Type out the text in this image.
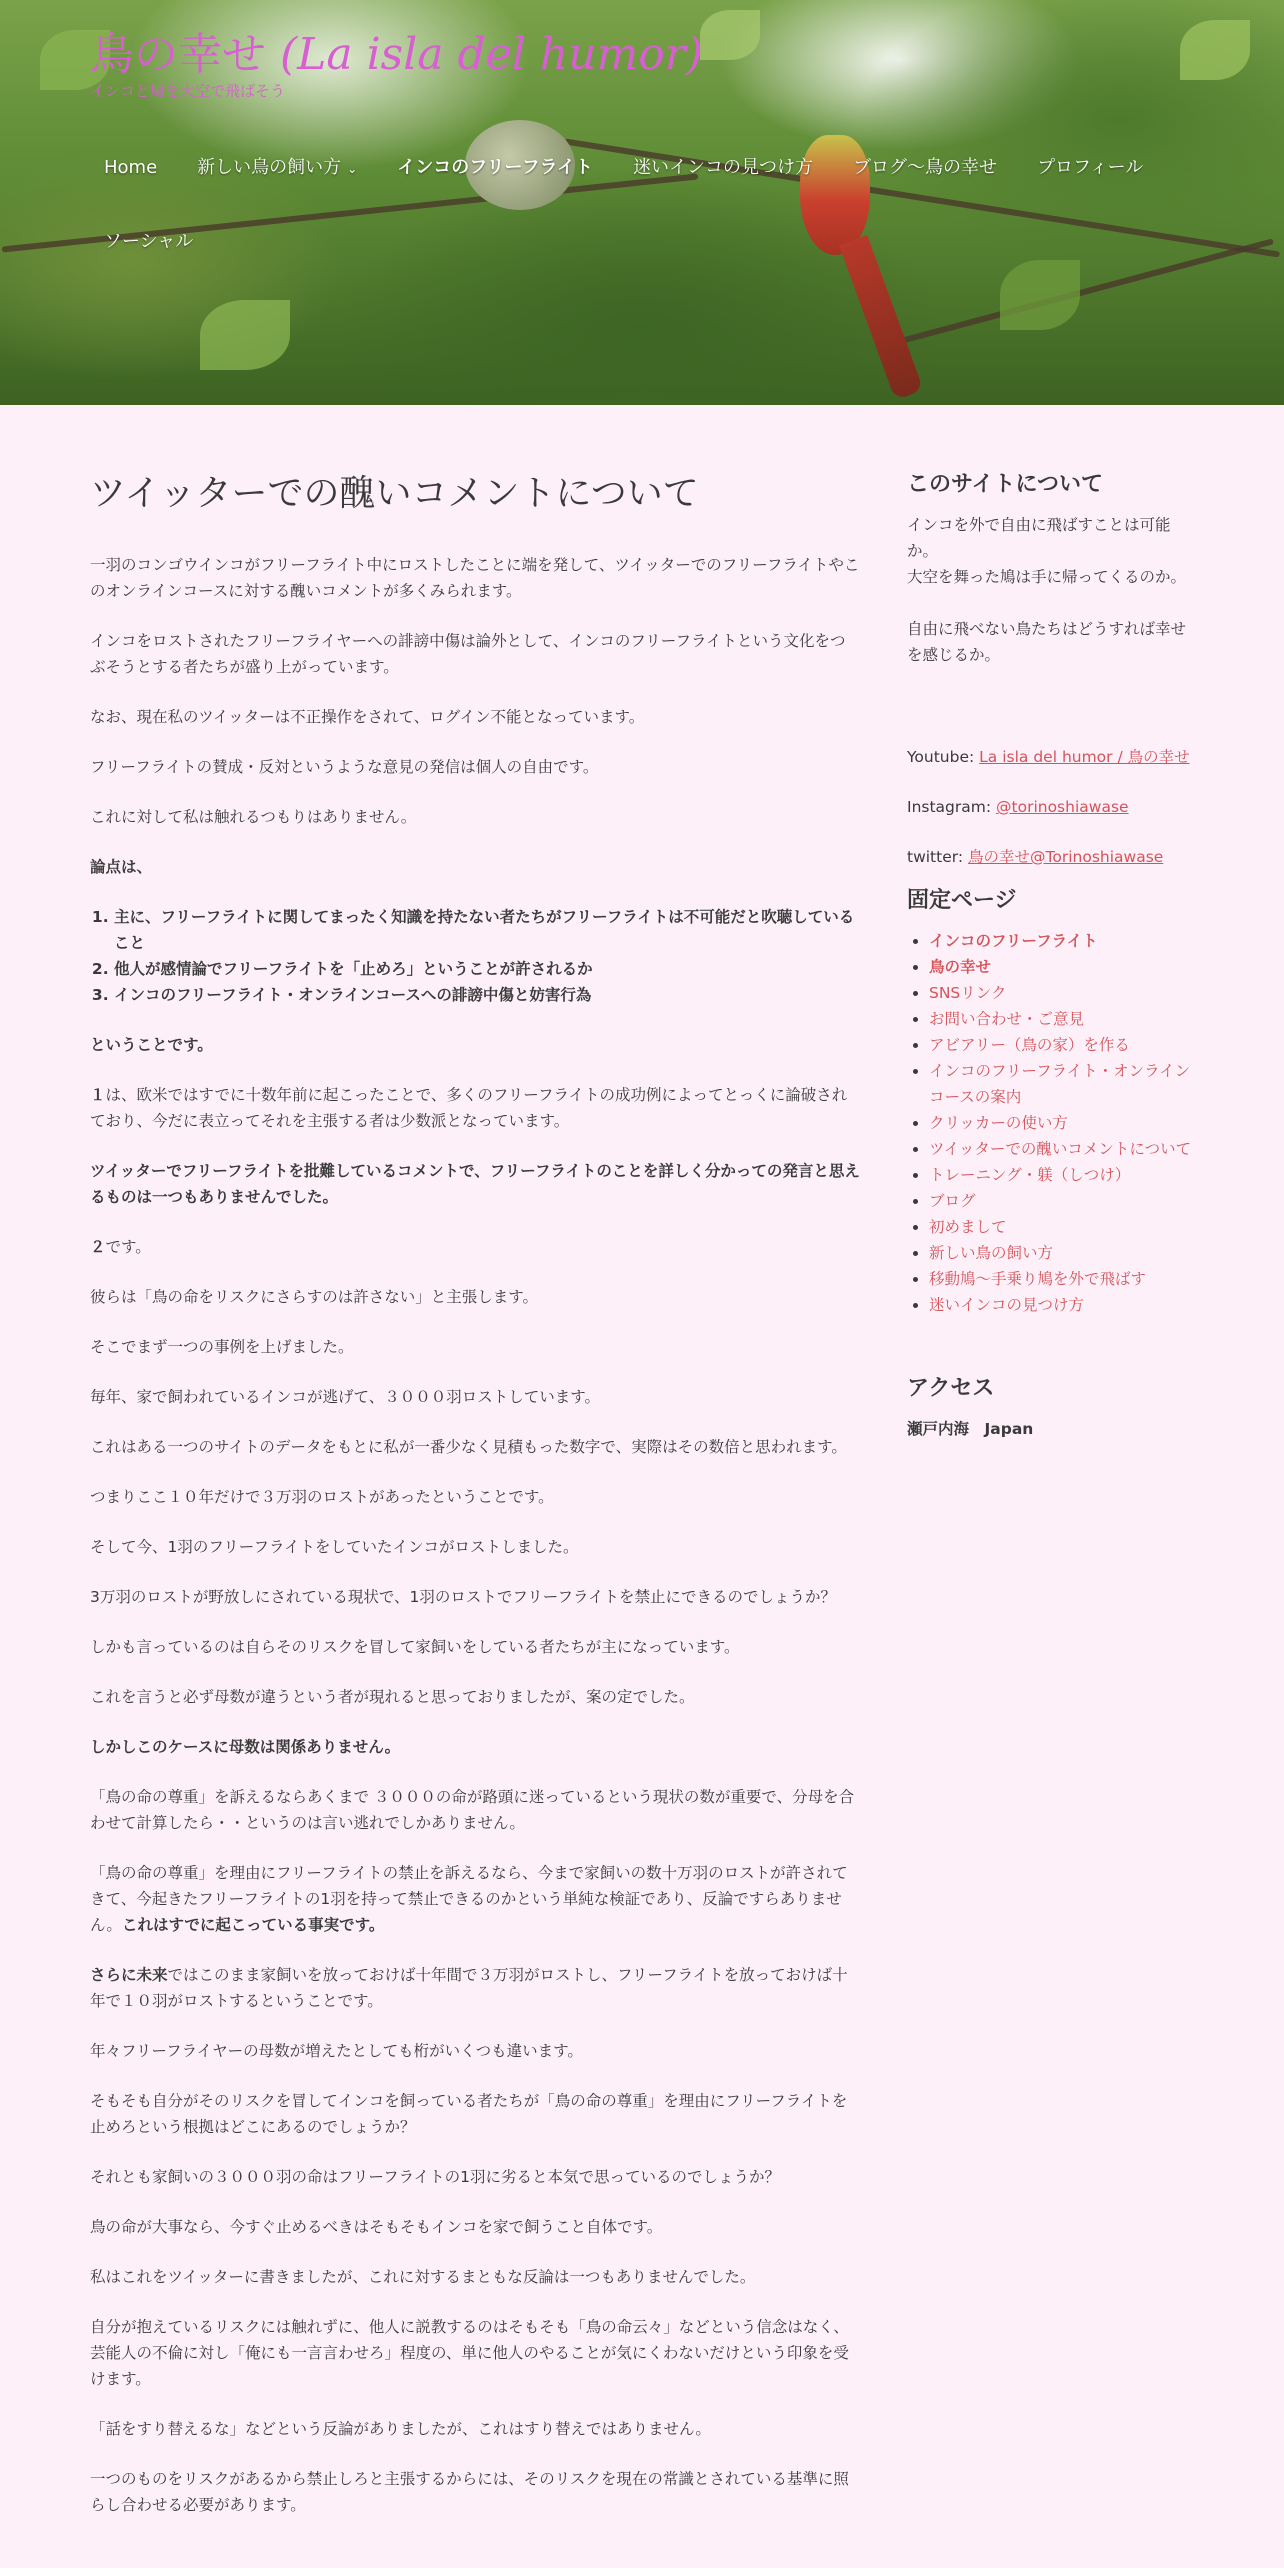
鳥の幸せ (La isla del humor)
インコと鳩を大空で飛ばそう
Home 新しい鳥の飼い方 ⌄ インコのフリーフライト 迷いインコの見つけ方 ブログ～鳥の幸せ プロフィール
ソーシャル
ツイッターでの醜いコメントについて

一羽のコンゴウインコがフリーフライト中にロストしたことに端を発して、ツイッターでのフリーフライトやこのオンラインコースに対する醜いコメントが多くみられます。

インコをロストされたフリーフライヤーへの誹謗中傷は論外として、インコのフリーフライトという文化をつぶそうとする者たちが盛り上がっています。

なお、現在私のツイッターは不正操作をされて、ログイン不能となっています。

フリーフライトの賛成・反対というような意見の発信は個人の自由です。

これに対して私は触れるつもりはありません。

論点は、

1. 主に、フリーフライトに関してまったく知識を持たない者たちがフリーフライトは不可能だと吹聴していること
2. 他人が感情論でフリーフライトを「止めろ」ということが許されるか
3. インコのフリーフライト・オンラインコースへの誹謗中傷と妨害行為

ということです。

１は、欧米ではすでに十数年前に起こったことで、多くのフリーフライトの成功例によってとっくに論破されており、今だに表立ってそれを主張する者は少数派となっています。

ツイッターでフリーフライトを批難しているコメントで、フリーフライトのことを詳しく分かっての発言と思えるものは一つもありませんでした。

２です。

彼らは「鳥の命をリスクにさらすのは許さない」と主張します。

そこでまず一つの事例を上げました。

毎年、家で飼われているインコが逃げて、３０００羽ロストしています。

これはある一つのサイトのデータをもとに私が一番少なく見積もった数字で、実際はその数倍と思われます。

つまりここ１０年だけで３万羽のロストがあったということです。

そして今、1羽のフリーフライトをしていたインコがロストしました。

3万羽のロストが野放しにされている現状で、1羽のロストでフリーフライトを禁止にできるのでしょうか？

しかも言っているのは自らそのリスクを冒して家飼いをしている者たちが主になっています。

これを言うと必ず母数が違うという者が現れると思っておりましたが、案の定でした。

しかしこのケースに母数は関係ありません。

「鳥の命の尊重」を訴えるならあくまで ３０００の命が路頭に迷っているという現状の数が重要で、分母を合わせて計算したら・・というのは言い逃れでしかありません。

「鳥の命の尊重」を理由にフリーフライトの禁止を訴えるなら、今まで家飼いの数十万羽のロストが許されてきて、今起きたフリーフライトの1羽を持って禁止できるのかという単純な検証であり、反論ですらありません。これはすでに起こっている事実です。

さらに未来ではこのまま家飼いを放っておけば十年間で３万羽がロストし、フリーフライトを放っておけば十年で１０羽がロストするということです。

年々フリーフライヤーの母数が増えたとしても桁がいくつも違います。

そもそも自分がそのリスクを冒してインコを飼っている者たちが「鳥の命の尊重」を理由にフリーフライトを止めろという根拠はどこにあるのでしょうか？

それとも家飼いの３０００羽の命はフリーフライトの1羽に劣ると本気で思っているのでしょうか？

鳥の命が大事なら、今すぐ止めるべきはそもそもインコを家で飼うこと自体です。

私はこれをツイッターに書きましたが、これに対するまともな反論は一つもありませんでした。

自分が抱えているリスクには触れずに、他人に説教するのはそもそも「鳥の命云々」などという信念はなく、芸能人の不倫に対し「俺にも一言言わせろ」程度の、単に他人のやることが気にくわないだけという印象を受けます。

「話をすり替えるな」などという反論がありましたが、これはすり替えではありません。

一つのものをリスクがあるから禁止しろと主張するからには、そのリスクを現在の常識とされている基準に照らし合わせる必要があります。

このサイトについて

インコを外で自由に飛ばすことは可能か。

大空を舞った鳩は手に帰ってくるのか。

自由に飛べない鳥たちはどうすれば幸せを感じるか。

Youtube: La isla del humor / 鳥の幸せ

Instagram: @torinoshiawase

twitter: 鳥の幸せ@Torinoshiawase

固定ページ
• インコのフリーフライト
• 鳥の幸せ
• SNSリンク
• お問い合わせ・ご意見
• アビアリー（鳥の家）を作る
• インコのフリーフライト・オンラインコースの案内
• クリッカーの使い方
• ツイッターでの醜いコメントについて
• トレーニング・躾（しつけ）
• ブログ
• 初めまして
• 新しい鳥の飼い方
• 移動鳩～手乗り鳩を外で飛ばす
• 迷いインコの見つけ方
アクセス

瀬戸内海　Japan
